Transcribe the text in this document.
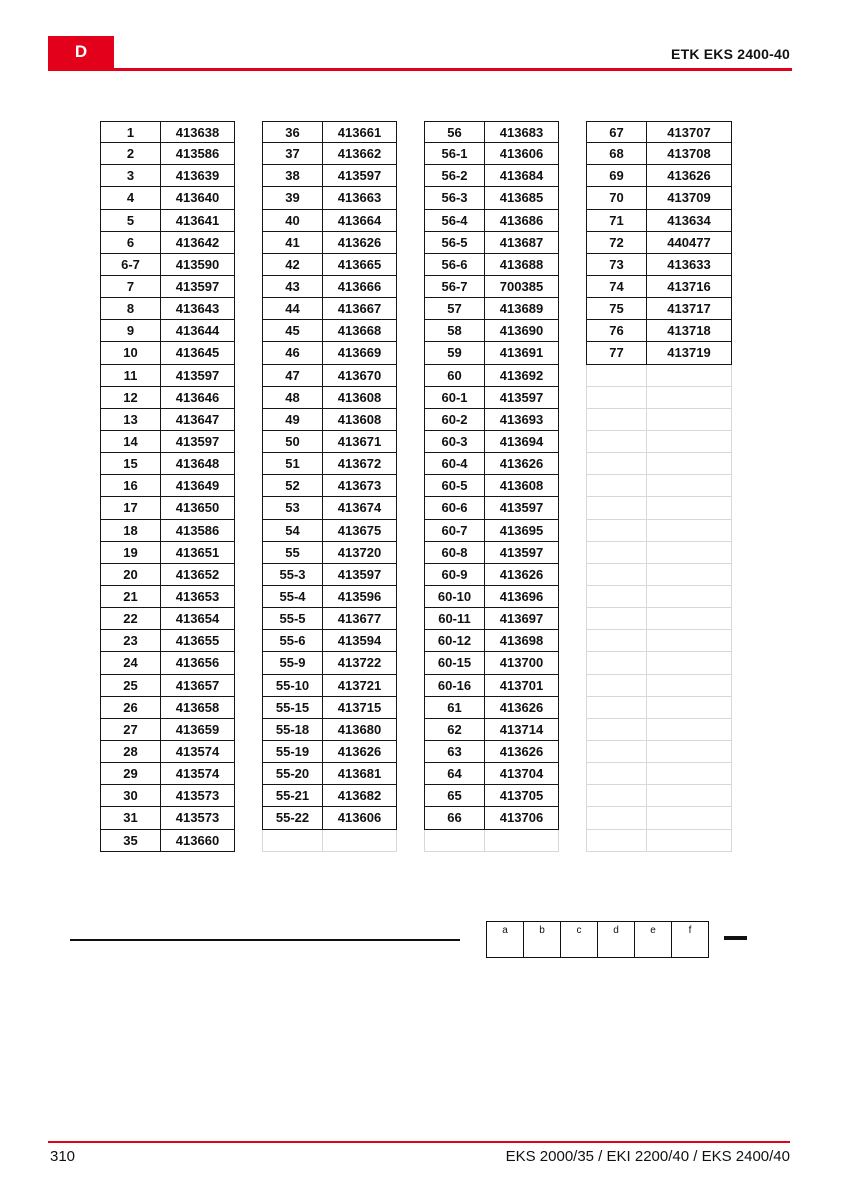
D	ETK EKS 2400-40
1	413638
2	413586
3	413639
4	413640
5	413641
6	413642
6-7	413590
7	413597
8	413643
9	413644
10	413645
11	413597
12	413646
13	413647
14	413597
15	413648
16	413649
17	413650
18	413586
19	413651
20	413652
21	413653
22	413654
23	413655
24	413656
25	413657
26	413658
27	413659
28	413574
29	413574
30	413573
31	413573
35	413660
36	413661
37	413662
38	413597
39	413663
40	413664
41	413626
42	413665
43	413666
44	413667
45	413668
46	413669
47	413670
48	413608
49	413608
50	413671
51	413672
52	413673
53	413674
54	413675
55	413720
55-3	413597
55-4	413596
55-5	413677
55-6	413594
55-9	413722
55-10	413721
55-15	413715
55-18	413680
55-19	413626
55-20	413681
55-21	413682
55-22	413606
56	413683
56-1	413606
56-2	413684
56-3	413685
56-4	413686
56-5	413687
56-6	413688
56-7	700385
57	413689
58	413690
59	413691
60	413692
60-1	413597
60-2	413693
60-3	413694
60-4	413626
60-5	413608
60-6	413597
60-7	413695
60-8	413597
60-9	413626
60-10	413696
60-11	413697
60-12	413698
60-15	413700
60-16	413701
61	413626
62	413714
63	413626
64	413704
65	413705
66	413706
67	413707
68	413708
69	413626
70	413709
71	413634
72	440477
73	413633
74	413716
75	413717
76	413718
77	413719
a	b	c	d	e	f
310	EKS 2000/35 / EKI 2200/40 / EKS 2400/40
